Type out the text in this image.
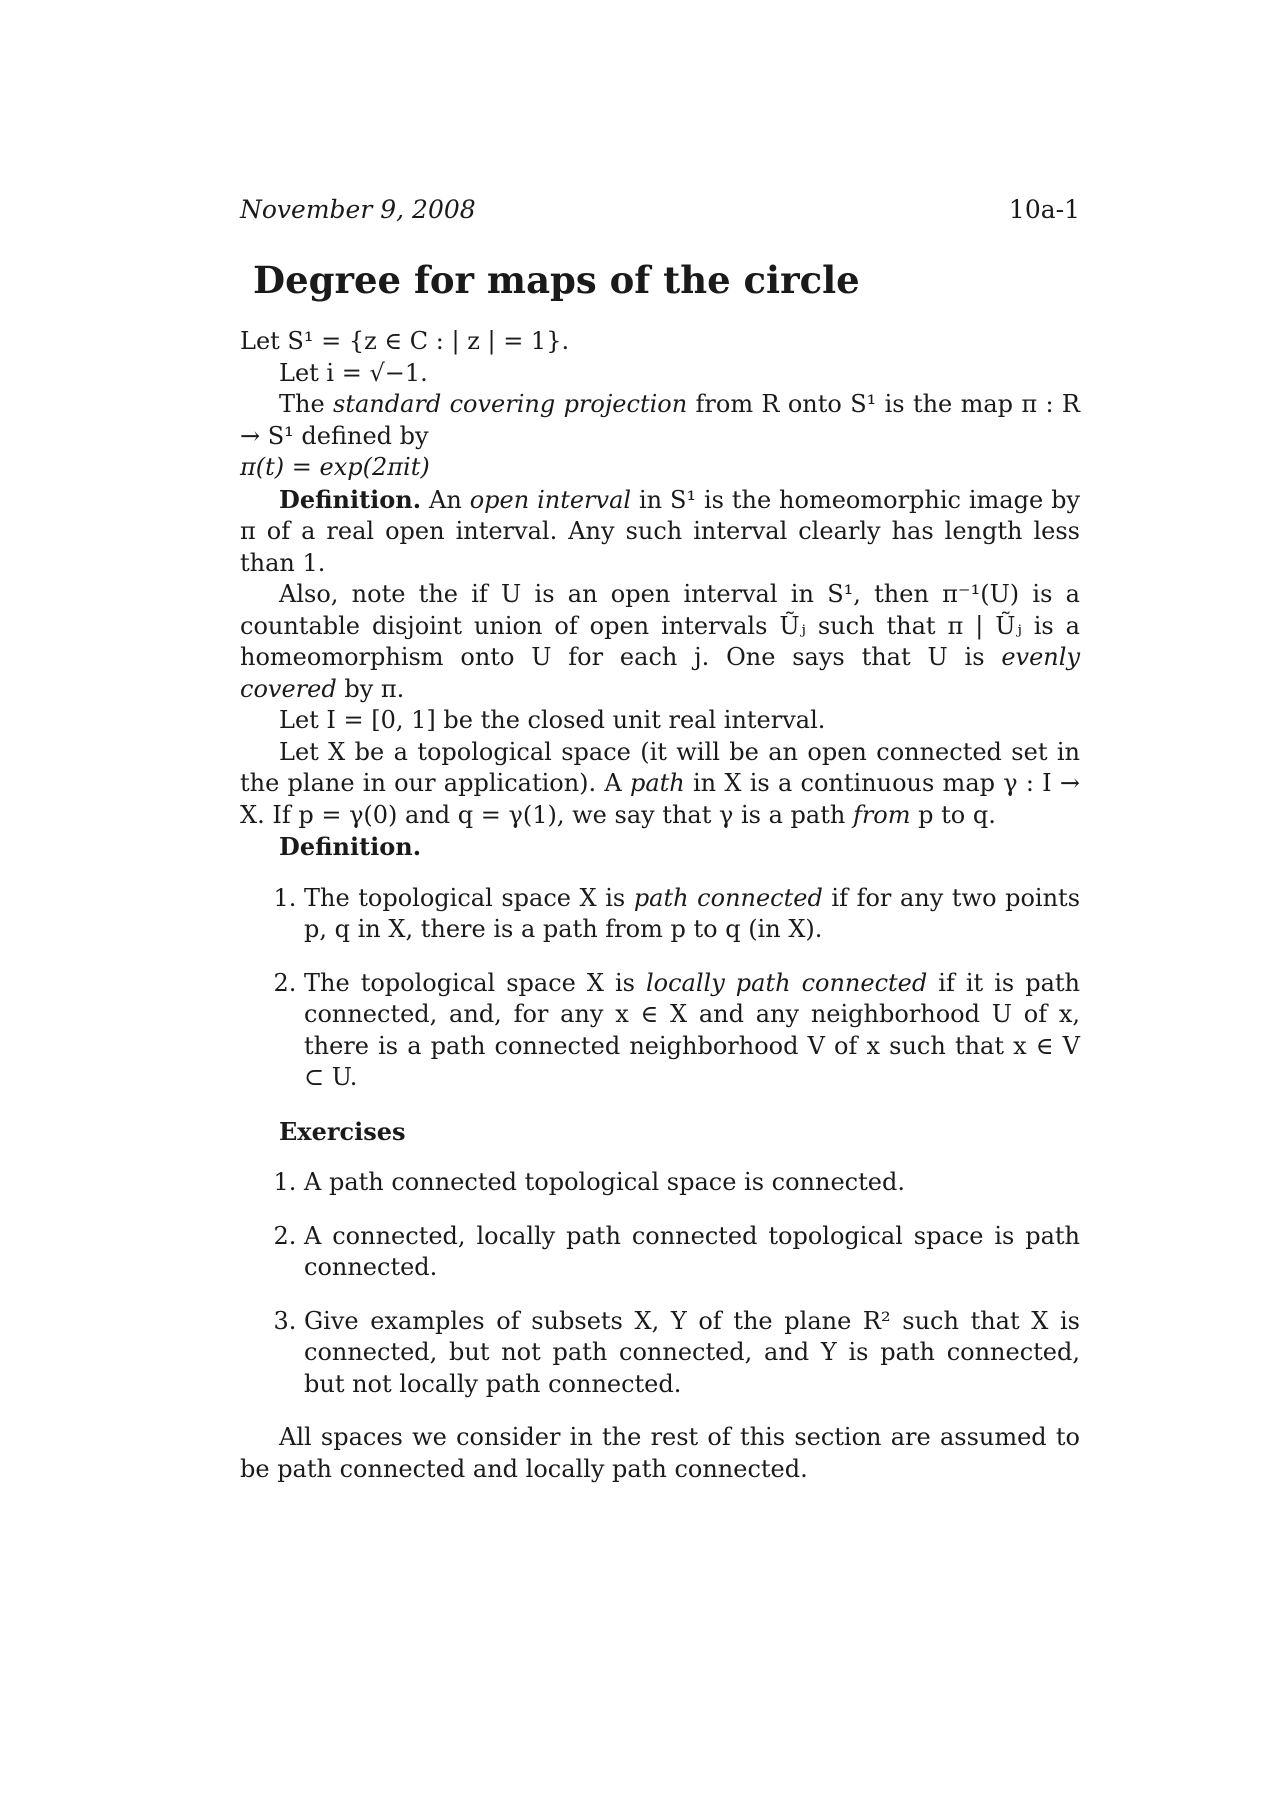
November 9, 2008	10a-1
Degree for maps of the circle

Let S¹ = {z ∈ C : | z | = 1}.

Let i = √−1.

The standard covering projection from R onto S¹ is the map π : R → S¹ defined by

π(t) = exp(2πit)

Definition. An open interval in S¹ is the homeomorphic image by π of a real open interval. Any such interval clearly has length less than 1.

Also, note the if U is an open interval in S¹, then π⁻¹(U) is a countable disjoint union of open intervals Ũⱼ such that π | Ũⱼ is a homeomorphism onto U for each j. One says that U is evenly covered by π.

Let I = [0, 1] be the closed unit real interval.

Let X be a topological space (it will be an open connected set in the plane in our application). A path in X is a continuous map γ : I → X. If p = γ(0) and q = γ(1), we say that γ is a path from p to q.

Definition.

1. The topological space X is path connected if for any two points p, q in X, there is a path from p to q (in X).
2. The topological space X is locally path connected if it is path connected, and, for any x ∈ X and any neighborhood U of x, there is a path connected neighborhood V of x such that x ∈ V ⊂ U.

Exercises

1. A path connected topological space is connected.
2. A connected, locally path connected topological space is path connected.
3. Give examples of subsets X, Y of the plane R² such that X is connected, but not path connected, and Y is path connected, but not locally path connected.

All spaces we consider in the rest of this section are assumed to be path connected and locally path connected.
